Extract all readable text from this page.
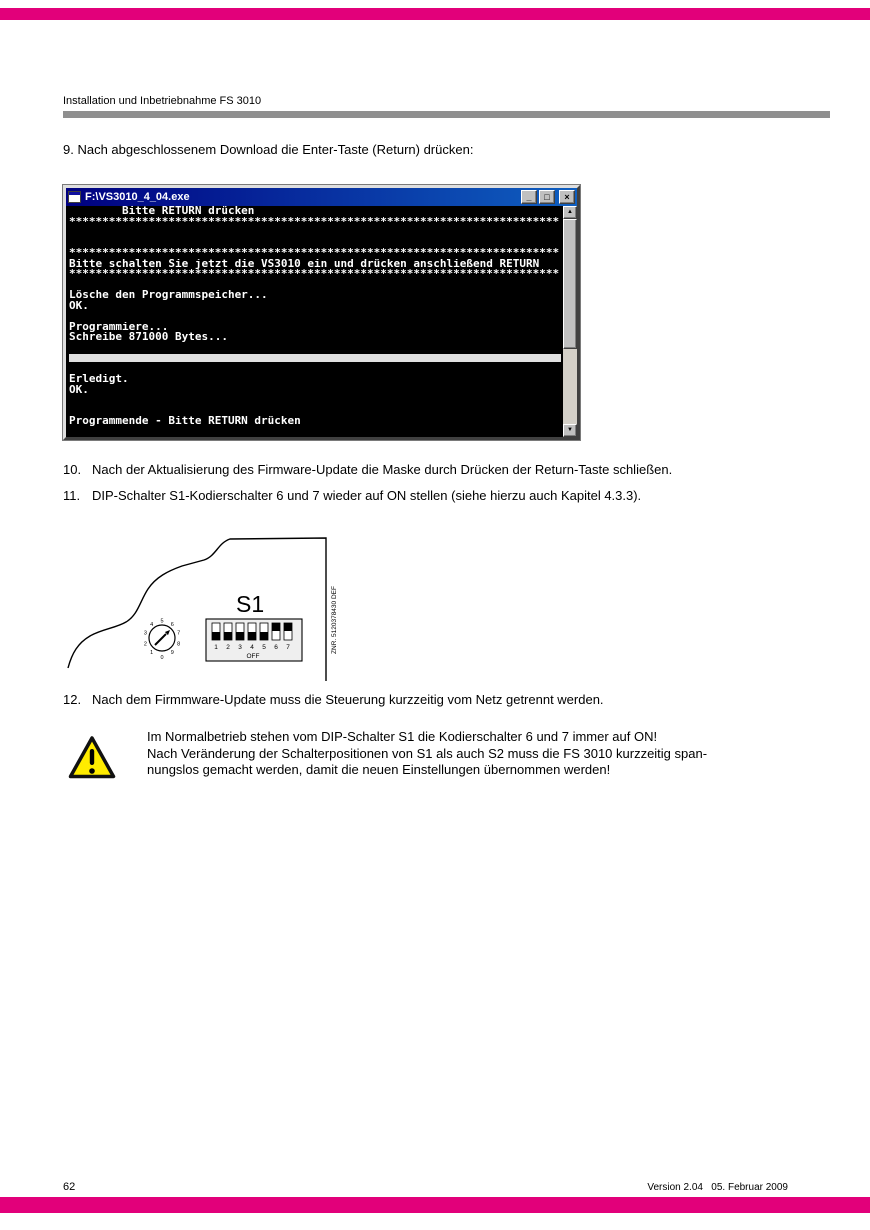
Installation und Inbetriebnahme FS 3010
9. Nach abgeschlossenem Download die Enter-Taste (Return) drücken:
F:\VS3010_4_04.exe	_	□	×
Bitte RETURN drücken
**************************************************************************

**************************************************************************
Bitte schalten Sie jetzt die VS3010 ein und drücken anschließend RETURN
**************************************************************************

Lösche den Programmspeicher...
OK.

Programmiere...
Schreibe 871000 Bytes...

Erledigt.
OK.

Programmende - Bitte RETURN drücken

▲
▼
10. Nach der Aktualisierung des Firmware-Update die Maske durch Drücken der Return-Taste schließen.
11. DIP-Schalter S1-Kodierschalter 6 und 7 wieder auf ON stellen (siehe hierzu auch Kapitel 4.3.3).
S1
0
1
2
3
4
5
6
7
8
9
1 2 3 4 5 6 7
OFF
ZNR. 5120378430 DEF
12. Nach dem Firmmware-Update muss die Steuerung kurzzeitig vom Netz getrennt werden.
Im Normalbetrieb stehen vom DIP-Schalter S1 die Kodierschalter 6 und 7 immer auf ON!
Nach Veränderung der Schalterpositionen von S1 als auch S2 muss die FS 3010 kurzzeitig span-
nungslos gemacht werden, damit die neuen Einstellungen übernommen werden!
62	Version 2.04   05. Februar 2009
